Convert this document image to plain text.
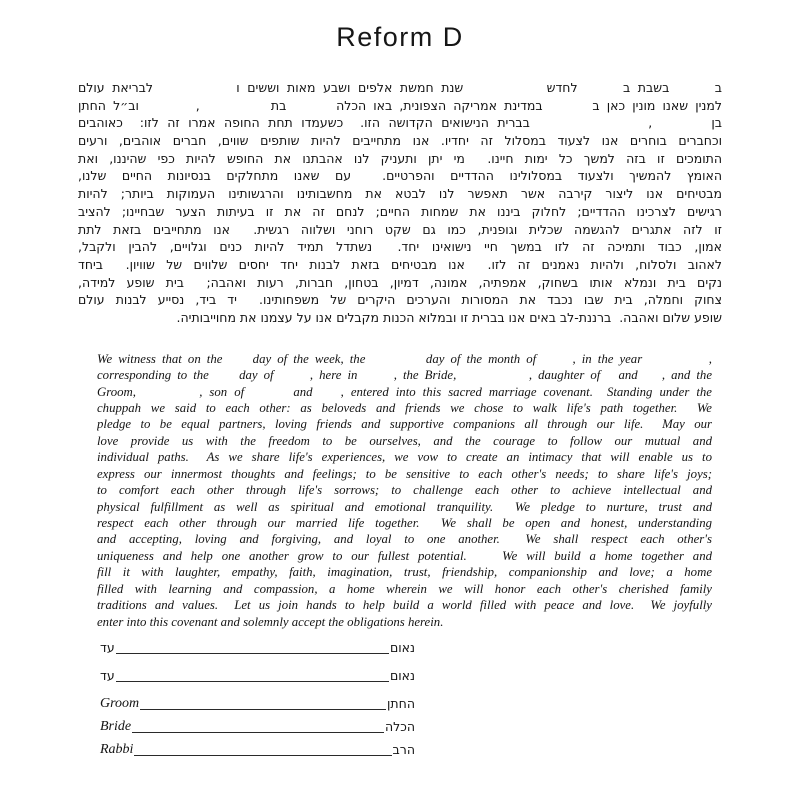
Reform D
ב      בשבת ב      לחדש           שנת חמשת אלפים ושבע מאות וששים ו           לבריאת עולם
למנין שאנו מונין כאן ב       במדינת אמריקה הצפונית, באו הכלה       בת          ,        וב״ל החתן
בן       ,              בברית הנישואים הקדושה הזו.  כשעמדו תחת החופה אמרו זה לזו:  כאוהבים
וכחברים בוחרים אנו לצעוד במסלול זה יחדיו. אנו מתחייבים להיות שותפים שווים, חברים אוהבים, ורעים
התומכים זו בזה למשך כל ימות חיינו.  מי יתן ותעניק לנו אהבתנו את החופש להיות כפי שהיננו, ואת
האומץ להמשיך ולצעוד במסלולינו ההדדיים והפרטיים.  עם שאנו מתחלקים בנסיונות החיים שלנו,
מבטיחים אנו ליצור קירבה אשר תאפשר לנו לבטא את מחשבותינו והרגשותינו העמוקות ביותר; להיות
רגישים לצרכינו ההדדיים; לחלוק ביננו את שמחות החיים; לנחם זה את זו בעיתות הצער שבחיינו; להציב
זו לזה אתגרים להגשמה שכלית וגופנית, כמו גם שקט רוחני ושלווה רגשית.  אנו מתחייבים בזאת לתת
אמון, כבוד ותמיכה זה לזו במשך חיי נישואינו יחד.  נשתדל תמיד להיות כנים וגלויים, להבין ולקבל,
לאהוב ולסלוח, ולהיות נאמנים זה לזו.  אנו מבטיחים בזאת לבנות יחד יחסים שלווים של שוויון.  ביחד
נקים בית ונמלא אותו בשחוק, אמפתיה, אמונה, דמיון, בטחון, חברות, רעות ואהבה;  בית שופע למידה,
צחוק וחמלה, בית שבו נכבד את המסורות והערכים היקרים של משפחותינו.  יד ביד, נסייע לבנות עולם
שופע שלום ואהבה.  ברננת-לב באים אנו בברית זו ובמלוא הכנות מקבלים אנו על עצמנו את מחוייבותיה.
We witness that on the     day of the week, the          day of the month of      , in the year           ,
corresponding to the     day of      , here in      , the Bride,            , daughter of   and    , and the
Groom,         , son of       and    , entered into this sacred marriage covenant.  Standing under the
chuppah we said to each other: as beloveds and friends we chose to walk life's path together.  We
pledge to be equal partners, loving friends and supportive companions all through our life.  May our
love provide us with the freedom to be ourselves, and the courage to follow our mutual and
individual paths.  As we share life's experiences, we vow to create an intimacy that will enable us to
express our innermost thoughts and feelings; to be sensitive to each other's needs; to share life's joys;
to comfort each other through life's sorrows; to challenge each other to achieve intellectual and
physical fulfillment as well as spiritual and emotional tranquility.  We pledge to nurture, trust and
respect each other through our married life together.  We shall be open and honest, understanding
and accepting, loving and forgiving, and loyal to one another.  We shall respect each other's
uniqueness and help one another grow to our fullest potential.    We will build a home together and
fill it with laughter, empathy, faith, imagination, trust, friendship, companionship and love; a home
filled with learning and compassion, a home wherein we will honor each other's cherished family
traditions and values.  Let us join hands to help build a world filled with peace and love.  We joyfully
enter into this covenant and solemnly accept the obligations herein.
עד	נאום
עד	נאום
Groom	החתן
Bride	הכלה
Rabbi	הרב
